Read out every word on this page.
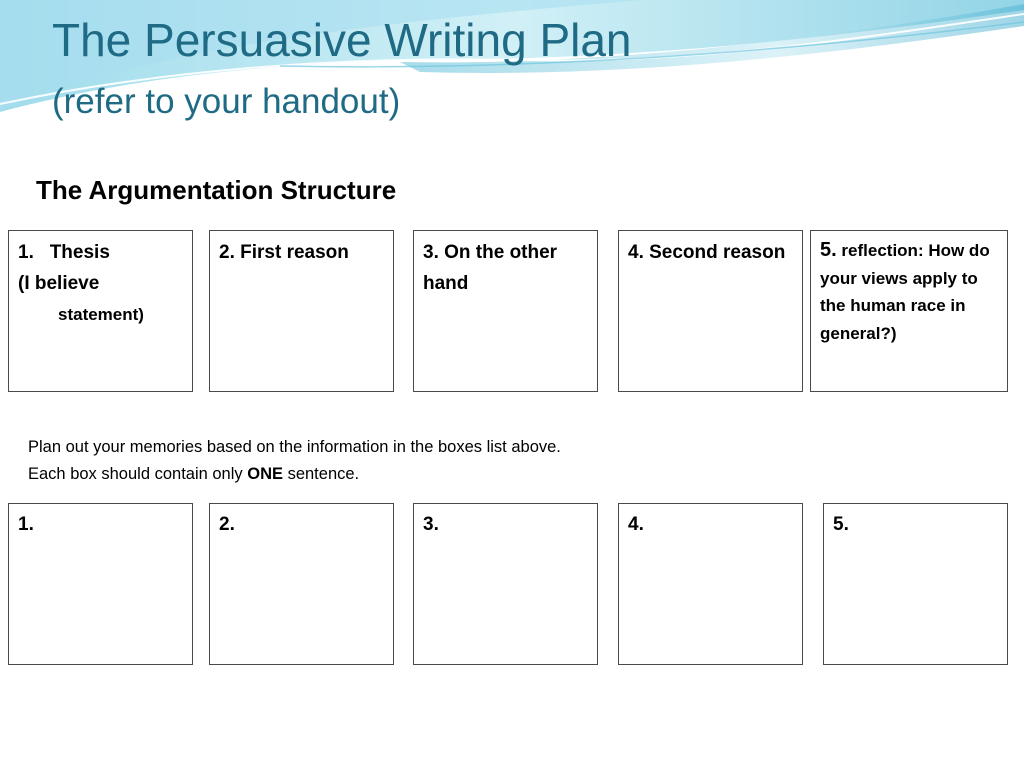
The Persuasive Writing Plan
(refer to your handout)
The Argumentation Structure
1. Thesis
(I believe
statement)
2. First reason	3. On the other hand
4. Second reason	5. reflection: How do your views apply to the human race in general?)

Plan out your memories based on the information in the boxes list above.

Each box should contain only ONE sentence.

1.	2.	3.	4.	5.
